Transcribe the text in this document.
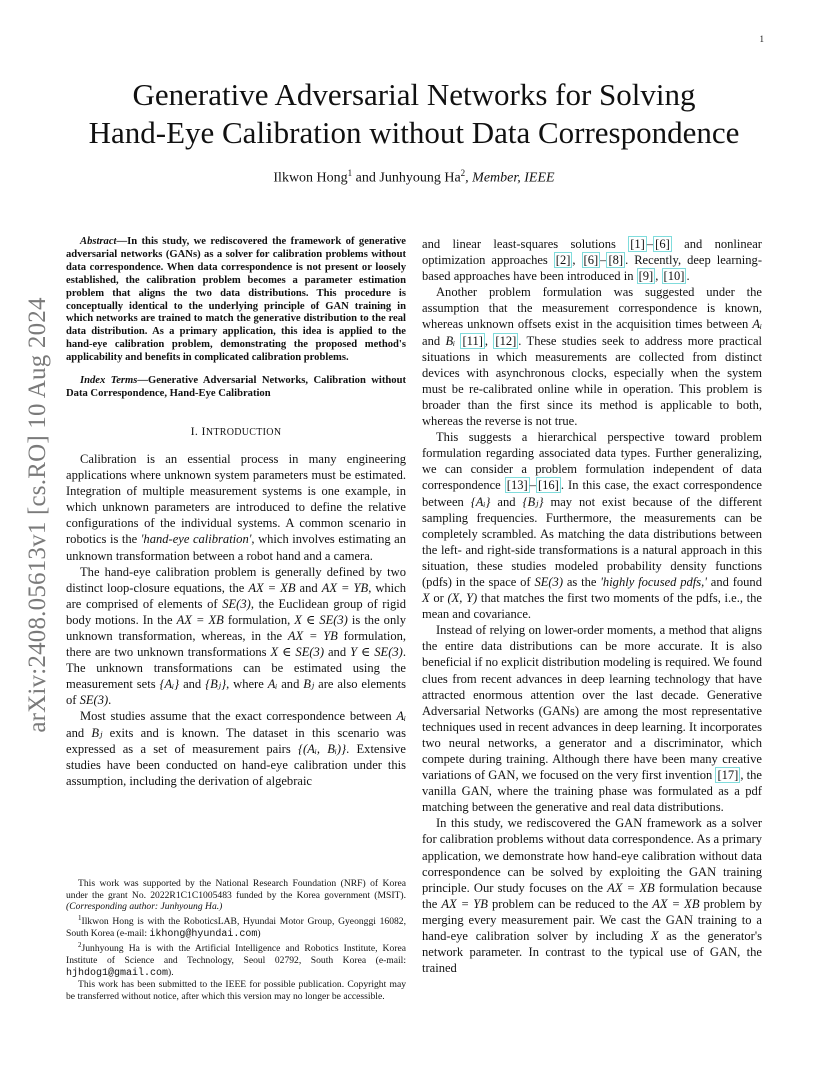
1
arXiv:2408.05613v1 [cs.RO] 10 Aug 2024
Generative Adversarial Networks for Solving
Hand-Eye Calibration without Data Correspondence
Ilkwon Hong$^1$ and Junhyoung Ha$^2$, Member, IEEE

Abstract—In this study, we rediscovered the framework of generative adversarial networks (GANs) as a solver for calibration problems without data correspondence. When data correspondence is not present or loosely established, the calibration problem becomes a parameter estimation problem that aligns the two data distributions. This procedure is conceptually identical to the underlying principle of GAN training in which networks are trained to match the generative distribution to the real data distribution. As a primary application, this idea is applied to the hand-eye calibration problem, demonstrating the proposed method's applicability and benefits in complicated calibration problems.

Index Terms—Generative Adversarial Networks, Calibration without Data Correspondence, Hand-Eye Calibration

I. INTRODUCTION

Calibration is an essential process in many engineering applications where unknown system parameters must be estimated. Integration of multiple measurement systems is one example, in which unknown parameters are introduced to define the relative configurations of the individual systems. A common scenario in robotics is the 'hand-eye calibration', which involves estimating an unknown transformation between a robot hand and a camera.

The hand-eye calibration problem is generally defined by two distinct loop-closure equations, the AX = XB and AX = YB, which are comprised of elements of SE(3), the Euclidean group of rigid body motions. In the AX = XB formulation, X ∈ SE(3) is the only unknown transformation, whereas, in the AX = YB formulation, there are two unknown transformations X ∈ SE(3) and Y ∈ SE(3). The unknown transformations can be estimated using the measurement sets {Aᵢ} and {Bⱼ}, where Aᵢ and Bⱼ are also elements of SE(3).

Most studies assume that the exact correspondence between Aᵢ and Bⱼ exits and is known. The dataset in this scenario was expressed as a set of measurement pairs {(Aᵢ, Bᵢ)}. Extensive studies have been conducted on hand-eye calibration under this assumption, including the derivation of algebraic

This work was supported by the National Research Foundation (NRF) of Korea under the grant No. 2022R1C1C1005483 funded by the Korea government (MSIT). (Corresponding author: Junhyoung Ha.)

$^1$Ilkwon Hong is with the RoboticsLAB, Hyundai Motor Group, Gyeonggi 16082, South Korea (e-mail: ikhong@hyundai.com)

$^2$Junhyoung Ha is with the Artificial Intelligence and Robotics Institute, Korea Institute of Science and Technology, Seoul 02792, South Korea (e-mail: hjhdog1@gmail.com).

This work has been submitted to the IEEE for possible publication. Copyright may be transferred without notice, after which this version may no longer be accessible.

and linear least-squares solutions [1] – [6] and nonlinear optimization approaches [2] , [6] – [8] . Recently, deep learning-based approaches have been introduced in [9] , [10] .

Another problem formulation was suggested under the assumption that the measurement correspondence is known, whereas unknown offsets exist in the acquisition times between Aᵢ and Bᵢ [11] , [12] . These studies seek to address more practical situations in which measurements are collected from distinct devices with asynchronous clocks, especially when the system must be re-calibrated online while in operation. This problem is broader than the first since its method is applicable to both, whereas the reverse is not true.

This suggests a hierarchical perspective toward problem formulation regarding associated data types. Further generalizing, we can consider a problem formulation independent of data correspondence [13] – [16] . In this case, the exact correspondence between {Aᵢ} and {Bⱼ} may not exist because of the different sampling frequencies. Furthermore, the measurements can be completely scrambled. As matching the data distributions between the left- and right-side transformations is a natural approach in this situation, these studies modeled probability density functions (pdfs) in the space of SE(3) as the 'highly focused pdfs,' and found X or (X, Y) that matches the first two moments of the pdfs, i.e., the mean and covariance.

Instead of relying on lower-order moments, a method that aligns the entire data distributions can be more accurate. It is also beneficial if no explicit distribution modeling is required. We found clues from recent advances in deep learning technology that have attracted enormous attention over the last decade. Generative Adversarial Networks (GANs) are among the most representative techniques used in recent advances in deep learning. It incorporates two neural networks, a generator and a discriminator, which compete during training. Although there have been many creative variations of GAN, we focused on the very first invention [17] , the vanilla GAN, where the training phase was formulated as a pdf matching between the generative and real data distributions.

In this study, we rediscovered the GAN framework as a solver for calibration problems without data correspondence. As a primary application, we demonstrate how hand-eye calibration without data correspondence can be solved by exploiting the GAN training principle. Our study focuses on the AX = XB formulation because the AX = YB problem can be reduced to the AX = XB problem by merging every measurement pair. We cast the GAN training to a hand-eye calibration solver by including X as the generator's network parameter. In contrast to the typical use of GAN, the trained
